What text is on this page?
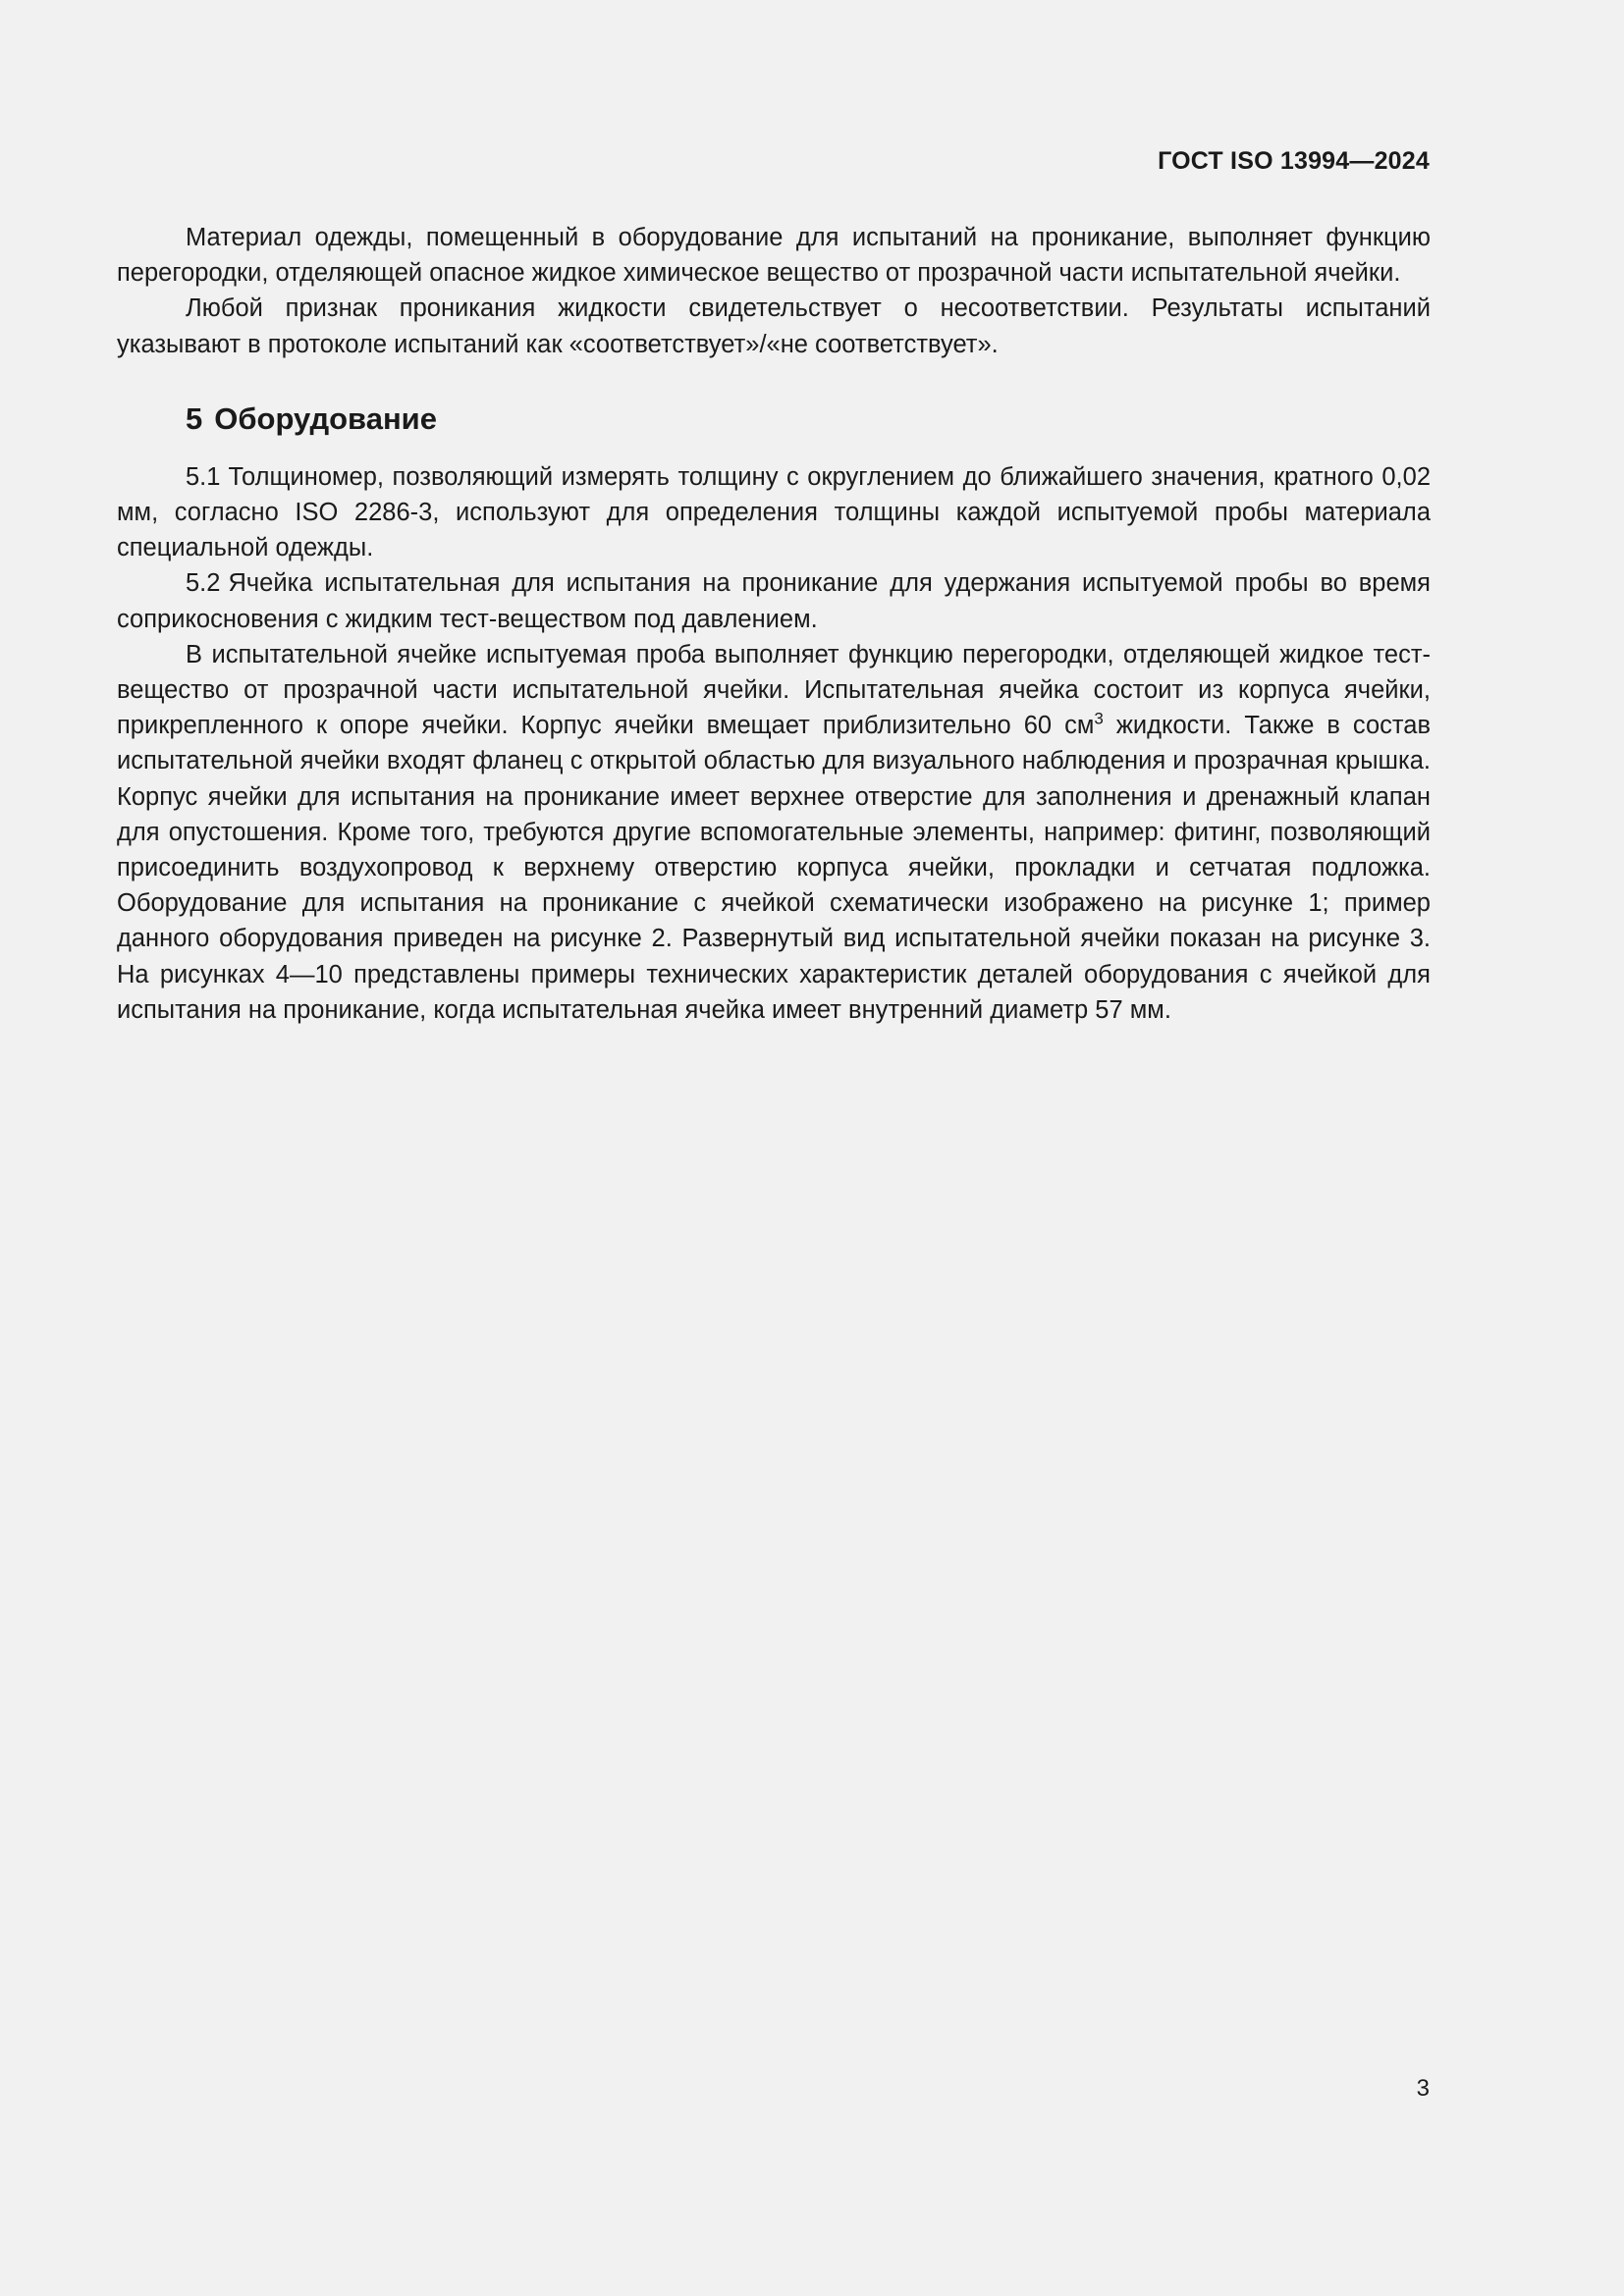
ГОСТ ISO 13994—2024

Материал одежды, помещенный в оборудование для испытаний на проникание, выполняет функцию перегородки, отделяющей опасное жидкое химическое вещество от прозрачной части испытательной ячейки.

Любой признак проникания жидкости свидетельствует о несоответствии. Результаты испытаний указывают в протоколе испытаний как «соответствует»/«не соответствует».

5 Оборудование

5.1 Толщиномер, позволяющий измерять толщину с округлением до ближайшего значения, кратного 0,02 мм, согласно ISO 2286-3, используют для определения толщины каждой испытуемой пробы материала специальной одежды.

5.2 Ячейка испытательная для испытания на проникание для удержания испытуемой пробы во время соприкосновения с жидким тест-веществом под давлением.

В испытательной ячейке испытуемая проба выполняет функцию перегородки, отделяющей жидкое тест-вещество от прозрачной части испытательной ячейки. Испытательная ячейка состоит из корпуса ячейки, прикрепленного к опоре ячейки. Корпус ячейки вмещает приблизительно 60 $см^3$ жидкости. Также в состав испытательной ячейки входят фланец с открытой областью для визуального наблюдения и прозрачная крышка. Корпус ячейки для испытания на проникание имеет верхнее отверстие для заполнения и дренажный клапан для опустошения. Кроме того, требуются другие вспомогательные элементы, например: фитинг, позволяющий присоединить воздухопровод к верхнему отверстию корпуса ячейки, прокладки и сетчатая подложка. Оборудование для испытания на проникание с ячейкой схематически изображено на рисунке 1; пример данного оборудования приведен на рисунке 2. Развернутый вид испытательной ячейки показан на рисунке 3. На рисунках 4—10 представлены примеры технических характеристик деталей оборудования с ячейкой для испытания на проникание, когда испытательная ячейка имеет внутренний диаметр 57 мм.

3
